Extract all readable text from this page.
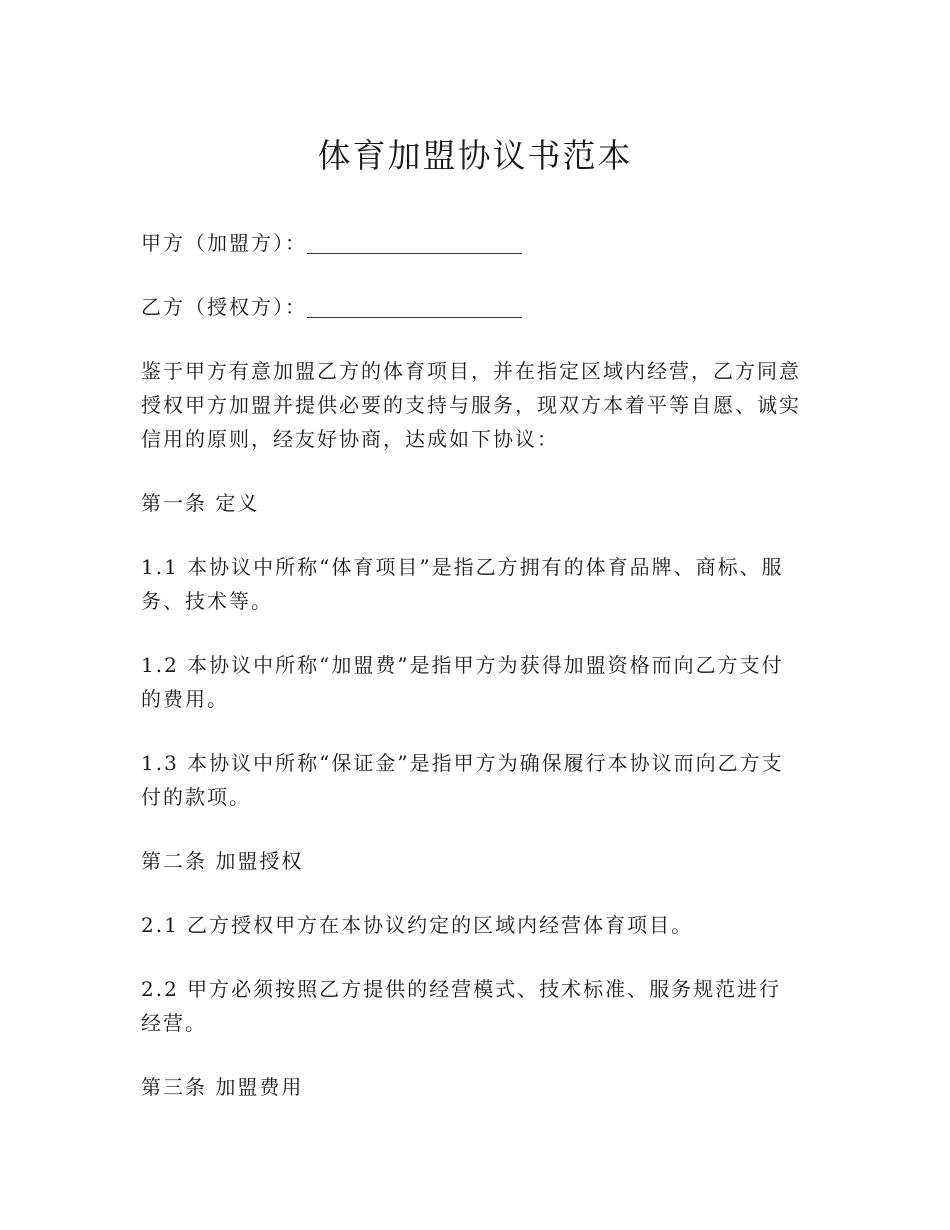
体育加盟协议书范本

甲方（加盟方）：

乙方（授权方）：

鉴于甲方有意加盟乙方的体育项目，并在指定区域内经营，乙方同意授权甲方加盟并提供必要的支持与服务，现双方本着平等自愿、诚实信用的原则，经友好协商，达成如下协议：

第一条 定义

1.1 本协议中所称“体育项目”是指乙方拥有的体育品牌、商标、服务、技术等。

1.2 本协议中所称“加盟费”是指甲方为获得加盟资格而向乙方支付的费用。

1.3 本协议中所称“保证金”是指甲方为确保履行本协议而向乙方支付的款项。

第二条 加盟授权

2.1 乙方授权甲方在本协议约定的区域内经营体育项目。

2.2 甲方必须按照乙方提供的经营模式、技术标准、服务规范进行经营。

第三条 加盟费用
